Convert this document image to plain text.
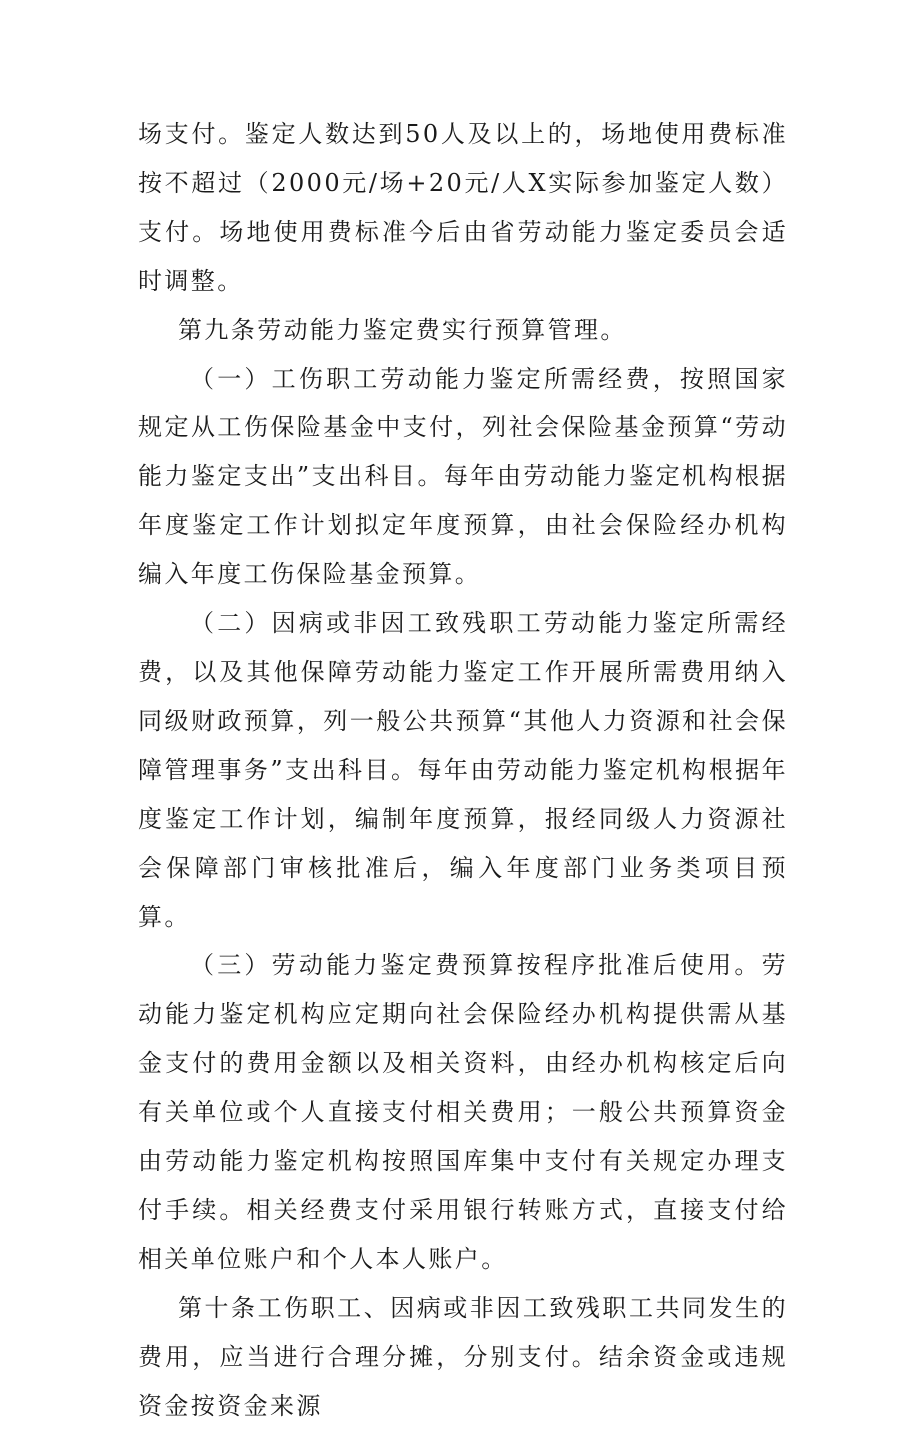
场支付。鉴定人数达到50人及以上的，场地使用费标准按不超过（2000元/场+20元/人X实际参加鉴定人数）支付。场地使用费标准今后由省劳动能力鉴定委员会适时调整。

第九条劳动能力鉴定费实行预算管理。

（一）工伤职工劳动能力鉴定所需经费，按照国家规定从工伤保险基金中支付，列社会保险基金预算“劳动能力鉴定支出”支出科目。每年由劳动能力鉴定机构根据年度鉴定工作计划拟定年度预算，由社会保险经办机构编入年度工伤保险基金预算。

（二）因病或非因工致残职工劳动能力鉴定所需经费，以及其他保障劳动能力鉴定工作开展所需费用纳入同级财政预算，列一般公共预算“其他人力资源和社会保障管理事务”支出科目。每年由劳动能力鉴定机构根据年度鉴定工作计划，编制年度预算，报经同级人力资源社会保障部门审核批准后，编入年度部门业务类项目预算。

（三）劳动能力鉴定费预算按程序批准后使用。劳动能力鉴定机构应定期向社会保险经办机构提供需从基金支付的费用金额以及相关资料，由经办机构核定后向有关单位或个人直接支付相关费用；一般公共预算资金由劳动能力鉴定机构按照国库集中支付有关规定办理支付手续。相关经费支付采用银行转账方式，直接支付给相关单位账户和个人本人账户。

第十条工伤职工、因病或非因工致残职工共同发生的费用，应当进行合理分摊，分别支付。结余资金或违规资金按资金来源
